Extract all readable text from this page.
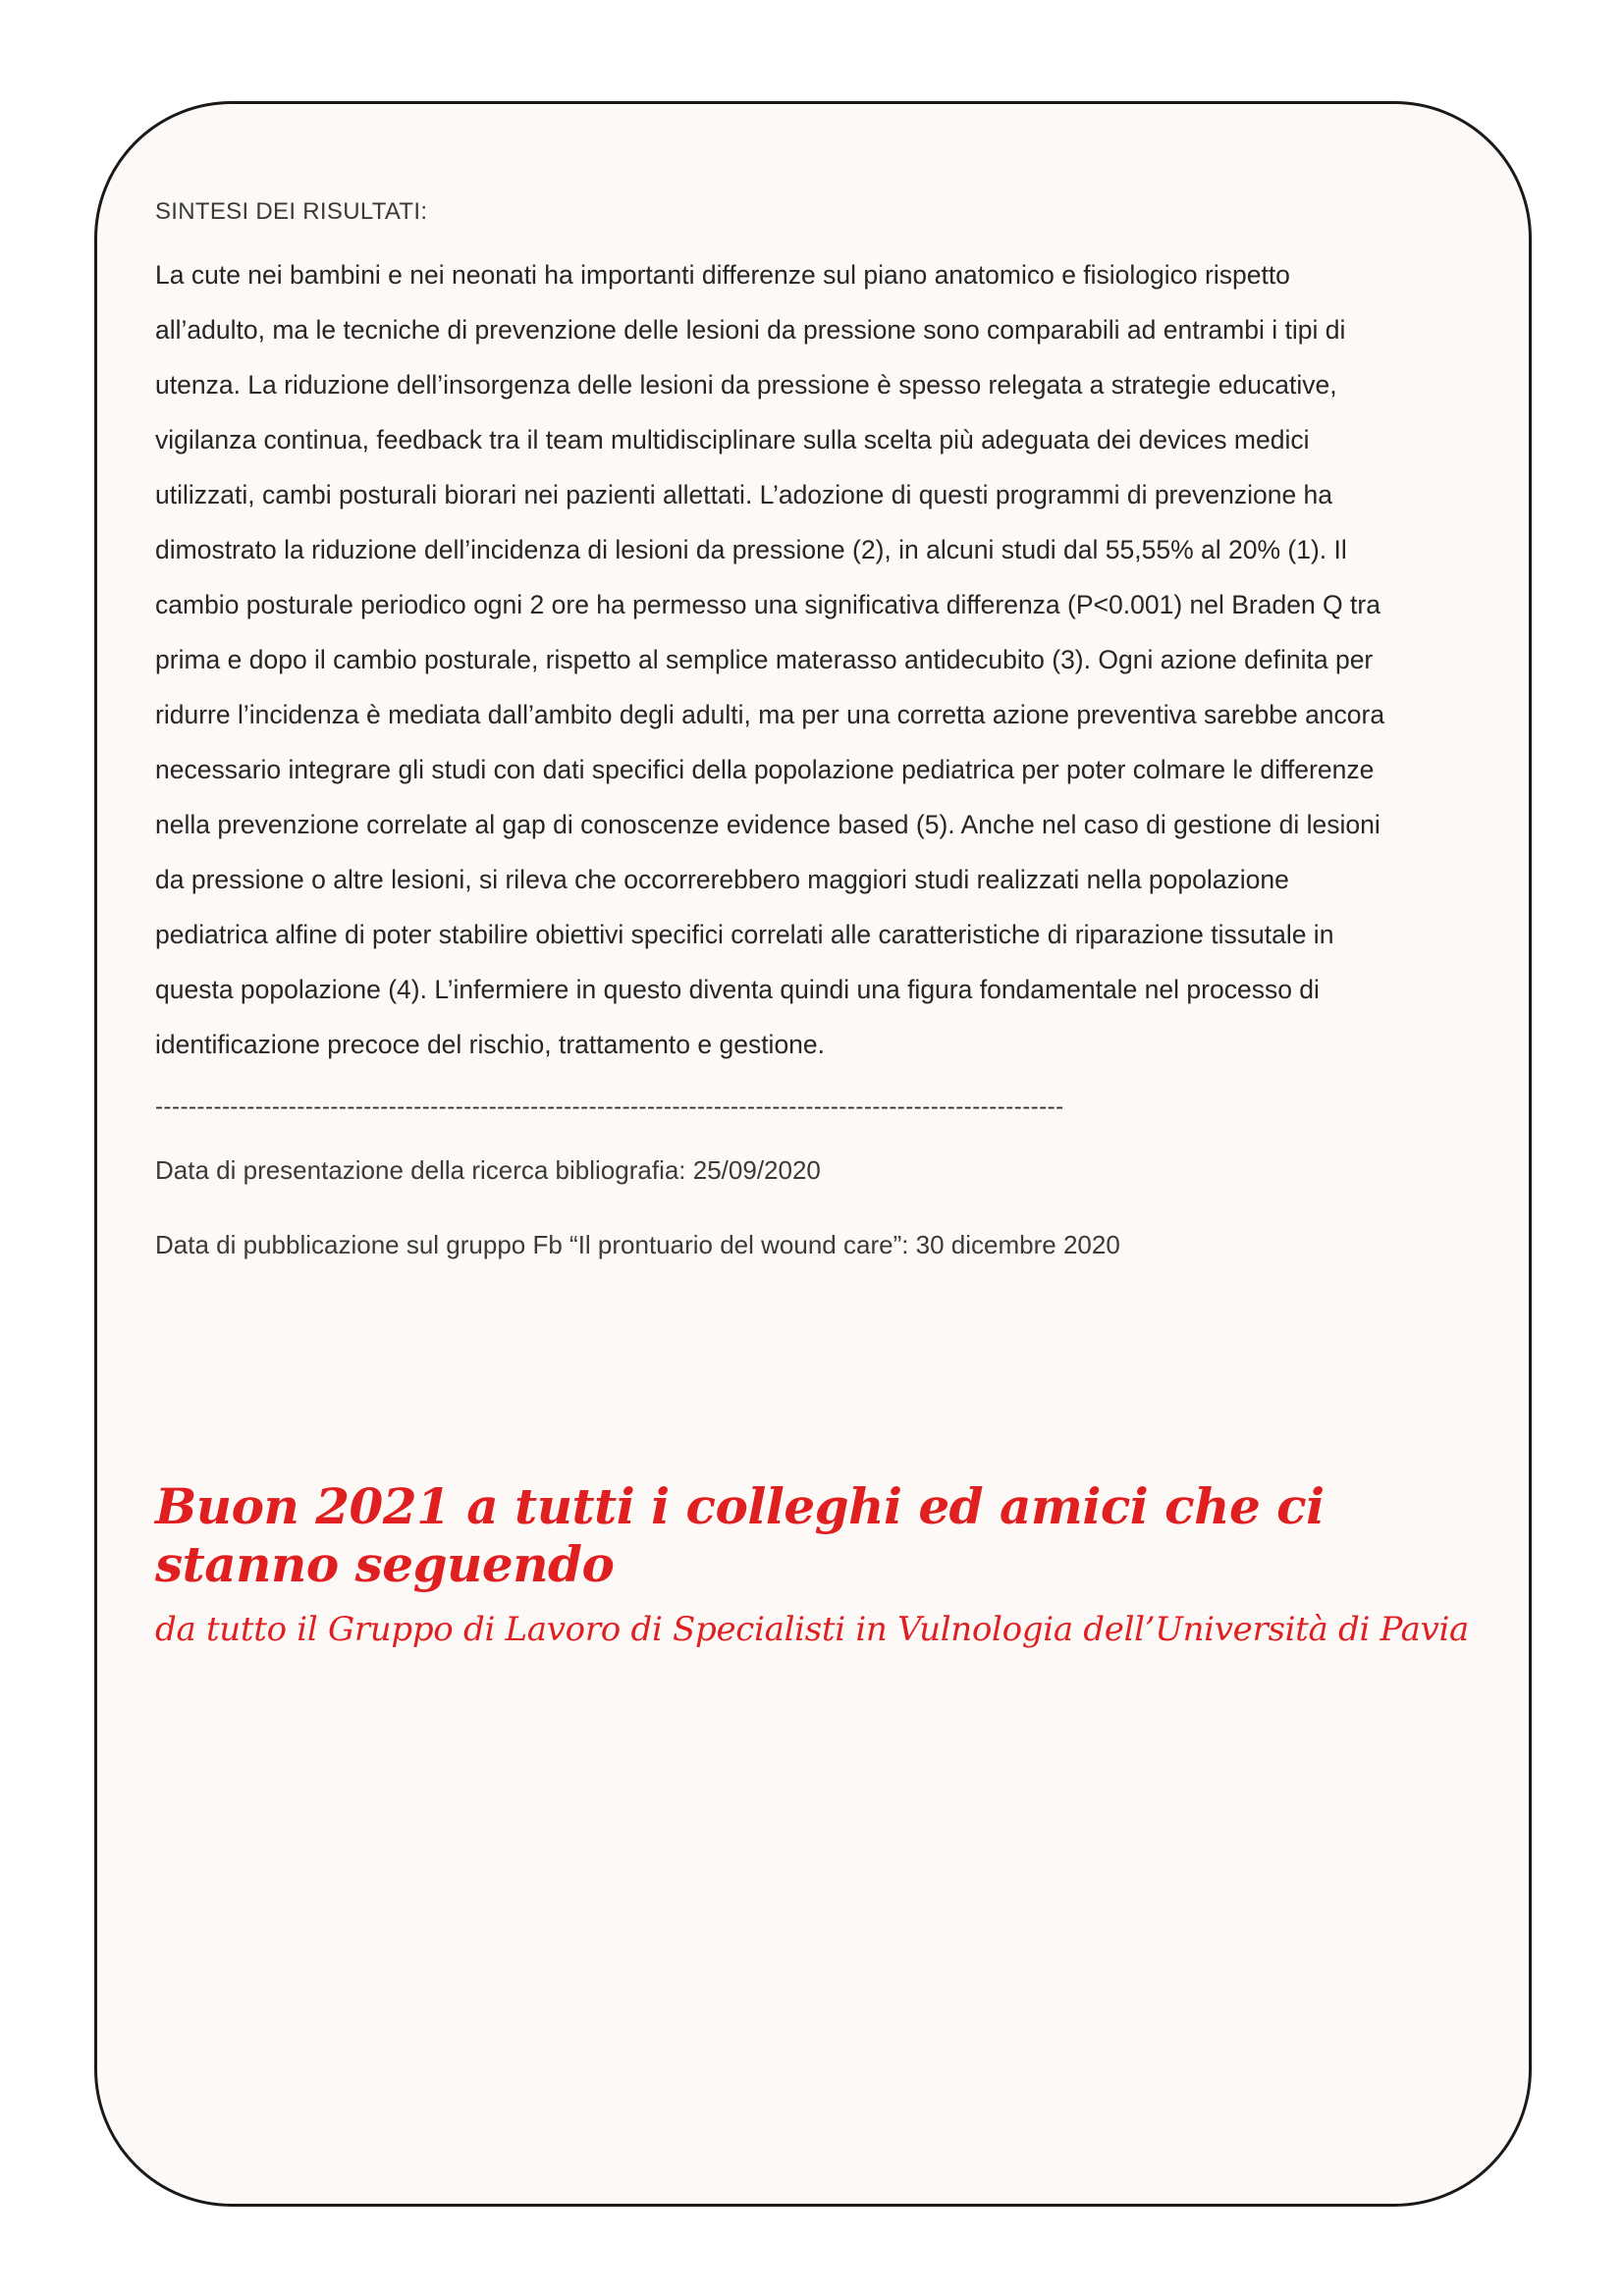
SINTESI DEI RISULTATI:
La cute nei bambini e nei neonati ha importanti differenze sul piano anatomico e fisiologico rispetto
all’adulto, ma le tecniche di prevenzione delle lesioni da pressione sono comparabili ad entrambi i tipi di
utenza. La riduzione dell’insorgenza delle lesioni da pressione è spesso relegata a strategie educative,
vigilanza continua, feedback tra il team multidisciplinare sulla scelta più adeguata dei devices medici
utilizzati, cambi posturali biorari nei pazienti allettati. L’adozione di questi programmi di prevenzione ha
dimostrato la riduzione dell’incidenza di lesioni da pressione (2), in alcuni studi dal 55,55% al 20% (1). Il
cambio posturale periodico ogni 2 ore ha permesso una significativa differenza (P<0.001) nel Braden Q tra
prima e dopo il cambio posturale, rispetto al semplice materasso antidecubito (3). Ogni azione definita per
ridurre l’incidenza è mediata dall’ambito degli adulti, ma per una corretta azione preventiva sarebbe ancora
necessario integrare gli studi con dati specifici della popolazione pediatrica per poter colmare le differenze
nella prevenzione correlate al gap di conoscenze evidence based (5). Anche nel caso di gestione di lesioni
da pressione o altre lesioni, si rileva che occorrerebbero maggiori studi realizzati nella popolazione
pediatrica alfine di poter stabilire obiettivi specifici correlati alle caratteristiche di riparazione tissutale in
questa popolazione (4). L’infermiere in questo diventa quindi una figura fondamentale nel processo di
identificazione precoce del rischio, trattamento e gestione.
-------------------------------------------------------------------------------------------------------------
Data di presentazione della ricerca bibliografia: 25/09/2020
Data di pubblicazione sul gruppo Fb “Il prontuario del wound care”: 30 dicembre 2020
Buon 2021 a tutti i colleghi ed amici che ci stanno seguendo
da tutto il Gruppo di Lavoro di Specialisti in Vulnologia dell’Università di Pavia
